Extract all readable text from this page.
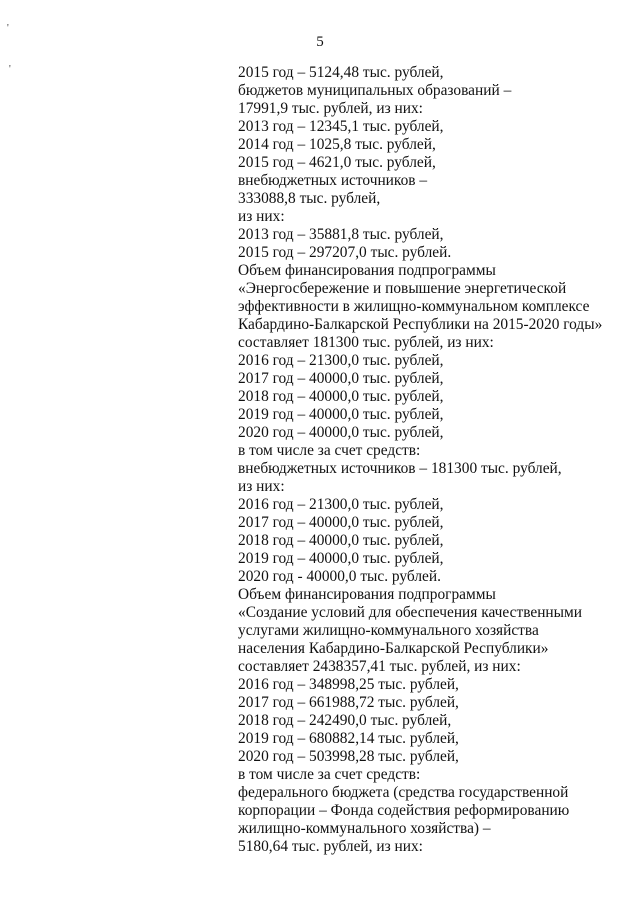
'
'
5
2015 год – 5124,48 тыс. рублей,
бюджетов муниципальных образований –
17991,9 тыс. рублей, из них:
2013 год – 12345,1 тыс. рублей,
2014 год – 1025,8 тыс. рублей,
2015 год – 4621,0 тыс. рублей,
внебюджетных источников –
333088,8 тыс. рублей,
из них:
2013 год – 35881,8 тыс. рублей,
2015 год – 297207,0 тыс. рублей.
Объем финансирования подпрограммы
«Энергосбережение и повышение энергетической
эффективности в жилищно-коммунальном комплексе
Кабардино-Балкарской Республики на 2015-2020 годы»
составляет 181300 тыс. рублей, из них:
2016 год – 21300,0 тыс. рублей,
2017 год – 40000,0 тыс. рублей,
2018 год – 40000,0 тыс. рублей,
2019 год – 40000,0 тыс. рублей,
2020 год – 40000,0 тыс. рублей,
в том числе за счет средств:
внебюджетных источников – 181300 тыс. рублей,
из них:
2016 год – 21300,0 тыс. рублей,
2017 год – 40000,0 тыс. рублей,
2018 год – 40000,0 тыс. рублей,
2019 год – 40000,0 тыс. рублей,
2020 год - 40000,0 тыс. рублей.
Объем финансирования подпрограммы
«Создание условий для обеспечения качественными
услугами жилищно-коммунального хозяйства
населения Кабардино-Балкарской Республики»
составляет 2438357,41 тыс. рублей, из них:
2016 год – 348998,25 тыс. рублей,
2017 год – 661988,72 тыс. рублей,
2018 год – 242490,0 тыс. рублей,
2019 год – 680882,14 тыс. рублей,
2020 год – 503998,28 тыс. рублей,
в том числе за счет средств:
федерального бюджета (средства государственной
корпорации – Фонда содействия реформированию
жилищно-коммунального хозяйства) –
5180,64 тыс. рублей, из них:
